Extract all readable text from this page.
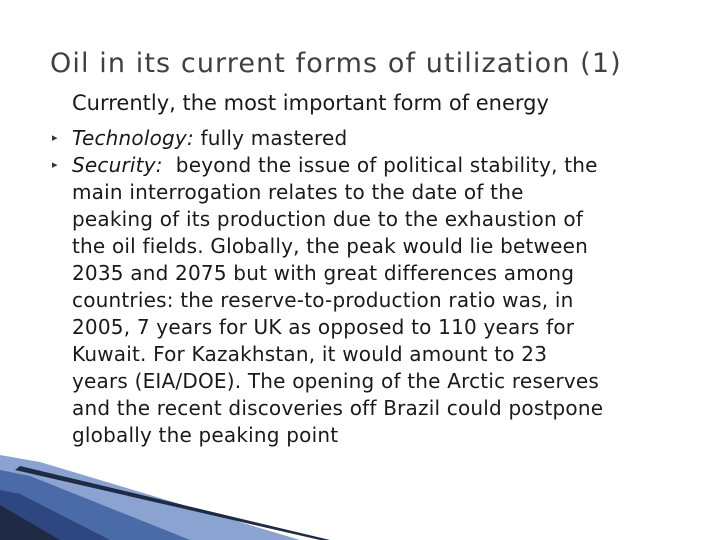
Oil in its current forms of utilization (1)
Currently, the most important form of energy
▸ Technology: fully mastered
▸ Security: beyond the issue of political stability, the
main interrogation relates to the date of the
peaking of its production due to the exhaustion of
the oil fields. Globally, the peak would lie between
2035 and 2075 but with great differences among
countries: the reserve-to-production ratio was, in
2005, 7 years for UK as opposed to 110 years for
Kuwait. For Kazakhstan, it would amount to 23
years (EIA/DOE). The opening of the Arctic reserves
and the recent discoveries off Brazil could postpone
globally the peaking point
